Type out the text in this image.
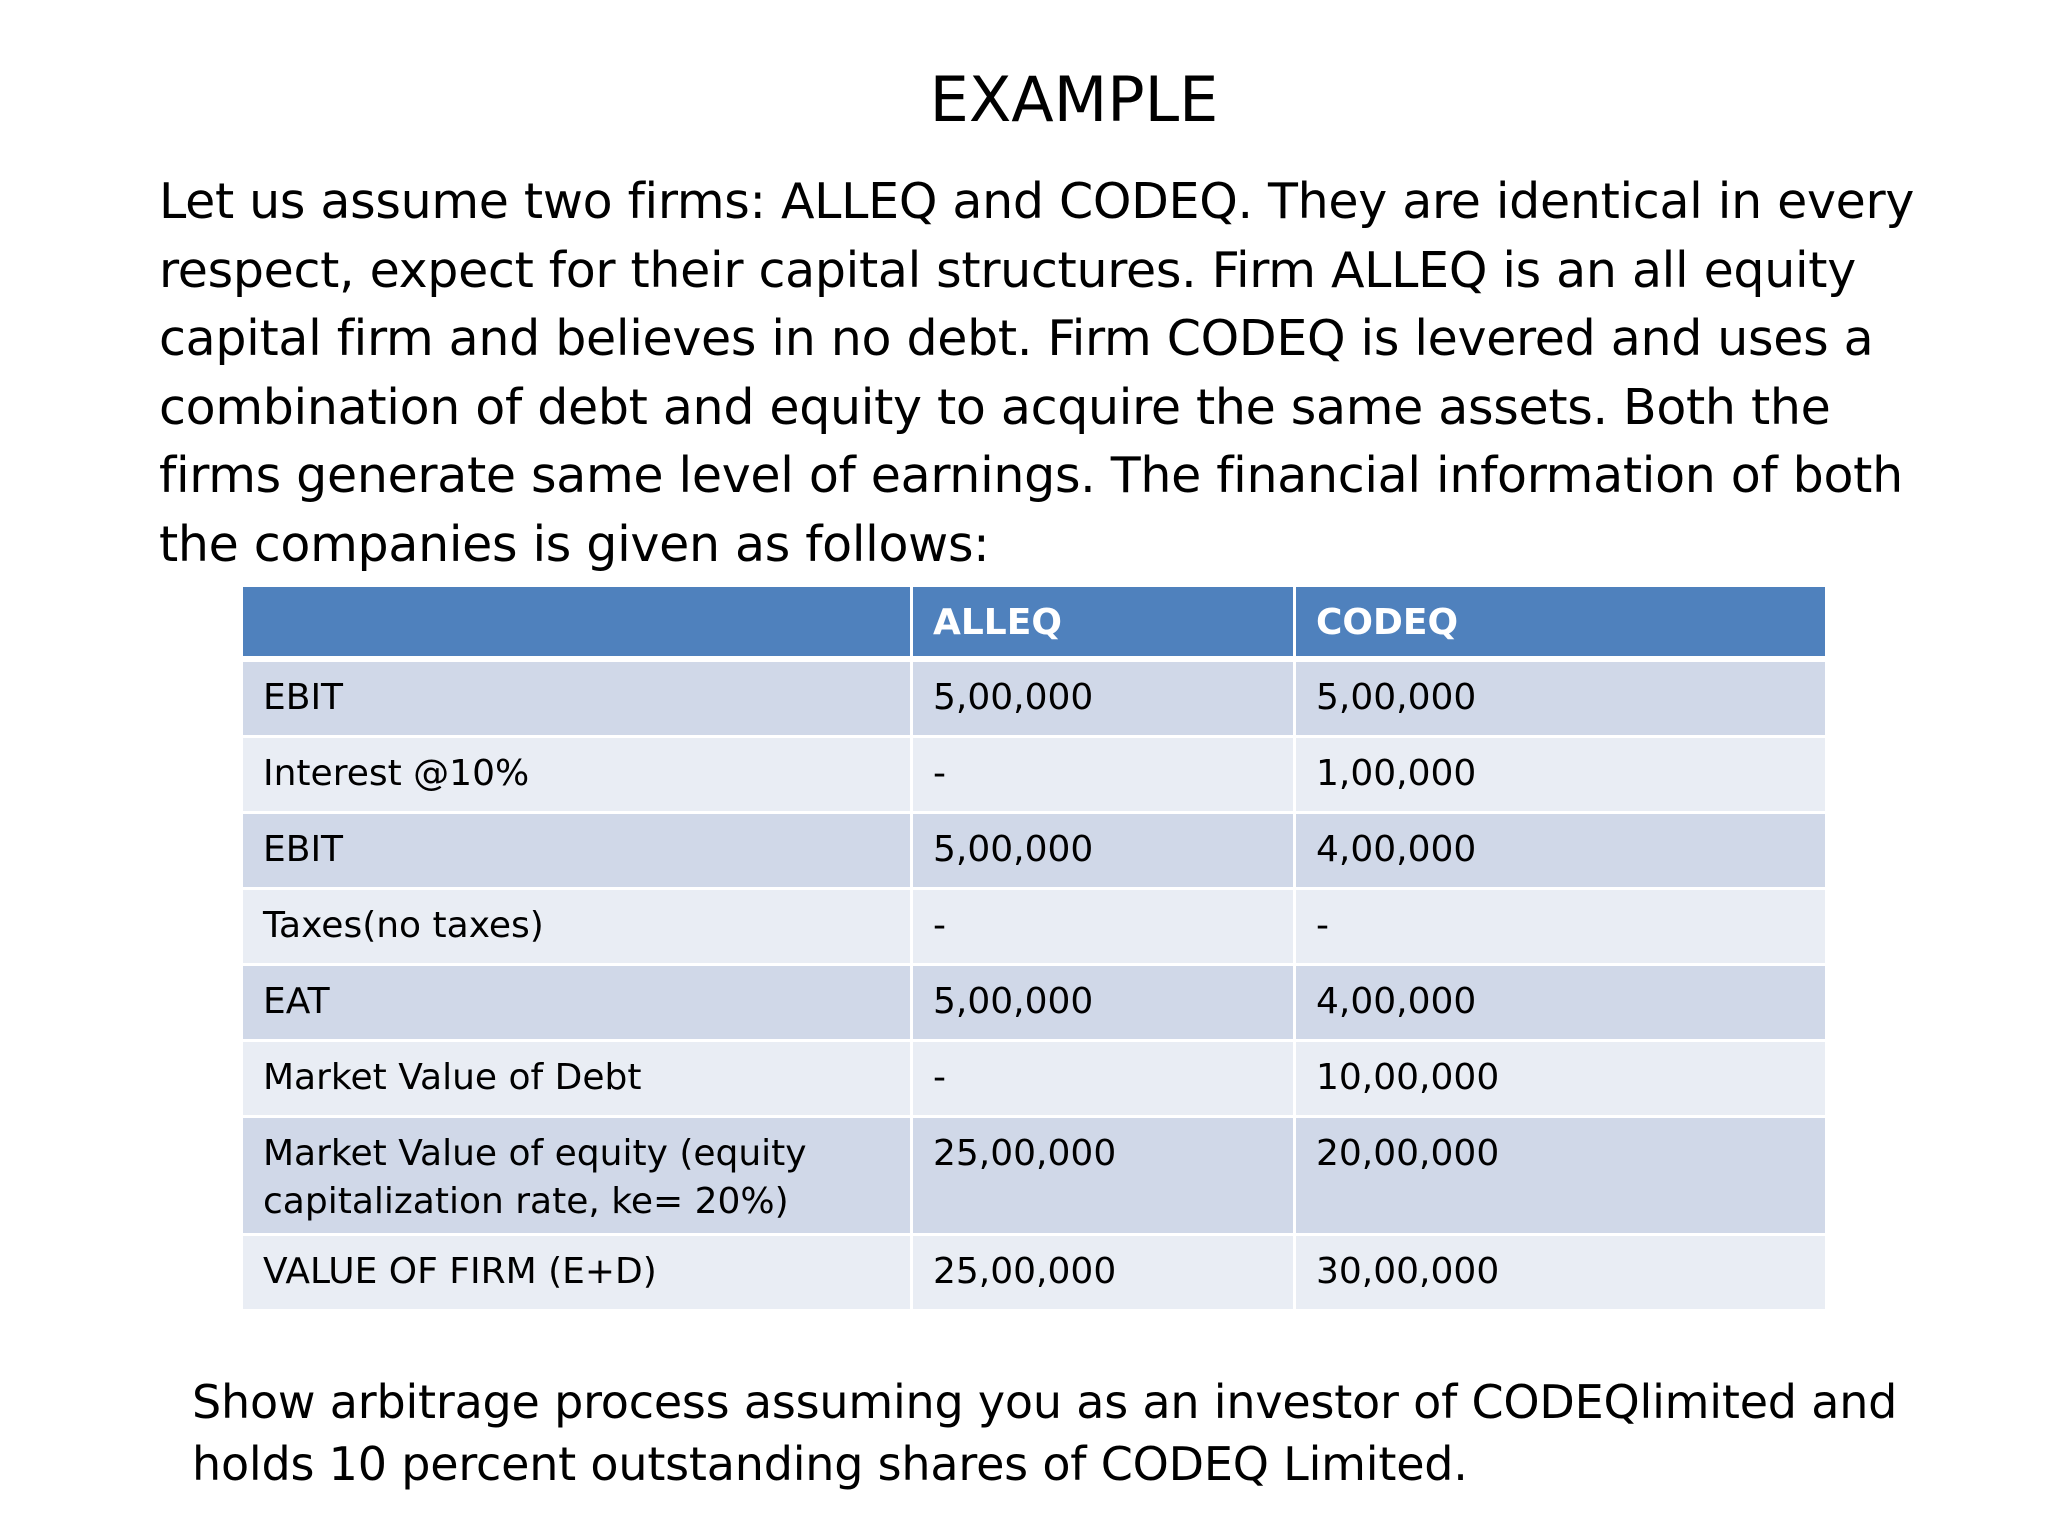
EXAMPLE

Let us assume two firms: ALLEQ and CODEQ. They are identical in every respect, expect for their capital structures. Firm ALLEQ is an all equity capital firm and believes in no debt. Firm CODEQ is levered and uses a combination of debt and equity to acquire the same assets. Both the firms generate same level of earnings. The financial information of both the companies is given as follows:

	ALLEQ	CODEQ
EBIT	5,00,000	5,00,000
Interest @10%	-	1,00,000
EBIT	5,00,000	4,00,000
Taxes(no taxes)	-	-
EAT	5,00,000	4,00,000
Market Value of Debt	-	10,00,000
Market Value of equity (equity capitalization rate, ke= 20%)	25,00,000	20,00,000
VALUE OF FIRM (E+D)	25,00,000	30,00,000

Show arbitrage process assuming you as an investor of CODEQlimited and holds 10 percent outstanding shares of CODEQ Limited.
